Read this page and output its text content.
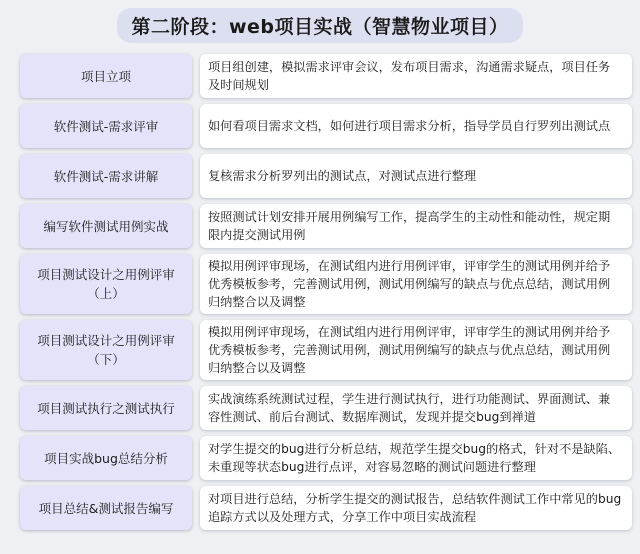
第二阶段：web项目实战（智慧物业项目）
项目立项
项目组创建，模拟需求评审会议，发布项目需求，沟通需求疑点，项目任务及时间规划
软件测试-需求评审	如何看项目需求文档，如何进行项目需求分析，指导学员自行罗列出测试点
软件测试-需求讲解	复核需求分析罗列出的测试点，对测试点进行整理
编写软件测试用例实战
按照测试计划安排开展用例编写工作，提高学生的主动性和能动性，规定期限内提交测试用例
项目测试设计之用例评审（上）
模拟用例评审现场，在测试组内进行用例评审，评审学生的测试用例并给予优秀模板参考，完善测试用例，测试用例编写的缺点与优点总结，测试用例归纳整合以及调整
项目测试设计之用例评审（下）
模拟用例评审现场，在测试组内进行用例评审，评审学生的测试用例并给予优秀模板参考，完善测试用例，测试用例编写的缺点与优点总结，测试用例归纳整合以及调整
项目测试执行之测试执行
实战演练系统测试过程，学生进行测试执行，进行功能测试、界面测试、兼容性测试、前后台测试、数据库测试，发现并提交bug到禅道
项目实战bug总结分析
对学生提交的bug进行分析总结，规范学生提交bug的格式，针对不是缺陷、未重现等状态bug进行点评，对容易忽略的测试问题进行整理
项目总结&测试报告编写
对项目进行总结，分析学生提交的测试报告，总结软件测试工作中常见的bug追踪方式以及处理方式，分享工作中项目实战流程
